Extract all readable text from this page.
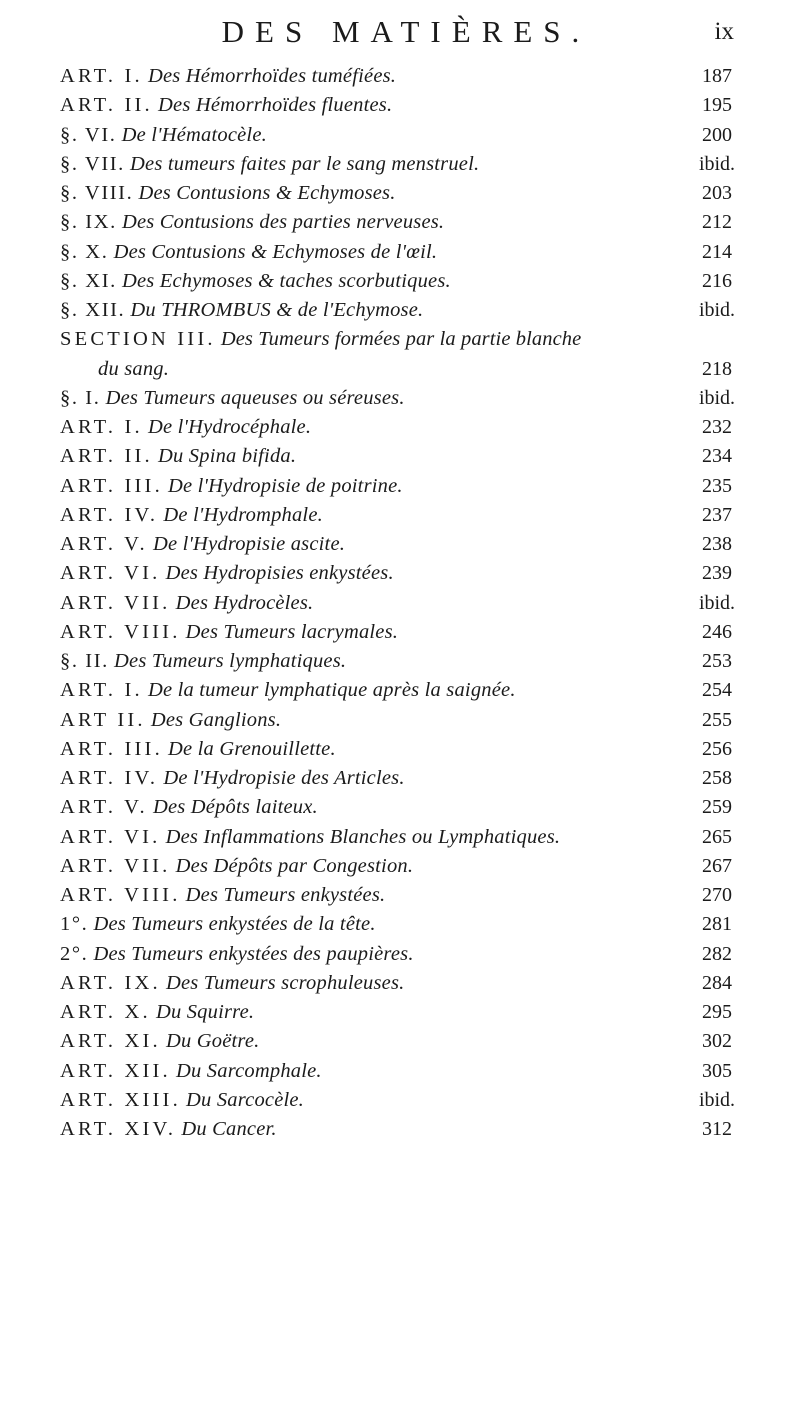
DES MATIÈRES.	ix
ART. I. Des Hémorrhoïdes tuméfiées.	187
ART. II. Des Hémorrhoïdes fluentes.	195
§. VI. De l'Hématocèle.	200
§. VII. Des tumeurs faites par le sang menstruel.	ibid.
§. VIII. Des Contusions & Echymoses.	203
§. IX. Des Contusions des parties nerveuses.	212
§. X. Des Contusions & Echymoses de l'œil.	214
§. XI. Des Echymoses & taches scorbutiques.	216
§. XII. Du THROMBUS & de l'Echymose.	ibid.
SECTION III. Des Tumeurs formées par la partie blanche
du sang.	218
§. I. Des Tumeurs aqueuses ou séreuses.	ibid.
ART. I. De l'Hydrocéphale.	232
ART. II. Du Spina bifida.	234
ART. III. De l'Hydropisie de poitrine.	235
ART. IV. De l'Hydromphale.	237
ART. V. De l'Hydropisie ascite.	238
ART. VI. Des Hydropisies enkystées.	239
ART. VII. Des Hydrocèles.	ibid.
ART. VIII. Des Tumeurs lacrymales.	246
§. II. Des Tumeurs lymphatiques.	253
ART. I. De la tumeur lymphatique après la saignée.	254
ART II. Des Ganglions.	255
ART. III. De la Grenouillette.	256
ART. IV. De l'Hydropisie des Articles.	258
ART. V. Des Dépôts laiteux.	259
ART. VI. Des Inflammations Blanches ou Lymphatiques.	265
ART. VII. Des Dépôts par Congestion.	267
ART. VIII. Des Tumeurs enkystées.	270
1°. Des Tumeurs enkystées de la tête.	281
2°. Des Tumeurs enkystées des paupières.	282
ART. IX. Des Tumeurs scrophuleuses.	284
ART. X. Du Squirre.	295
ART. XI. Du Goëtre.	302
ART. XII. Du Sarcomphale.	305
ART. XIII. Du Sarcocèle.	ibid.
ART. XIV. Du Cancer.	312
